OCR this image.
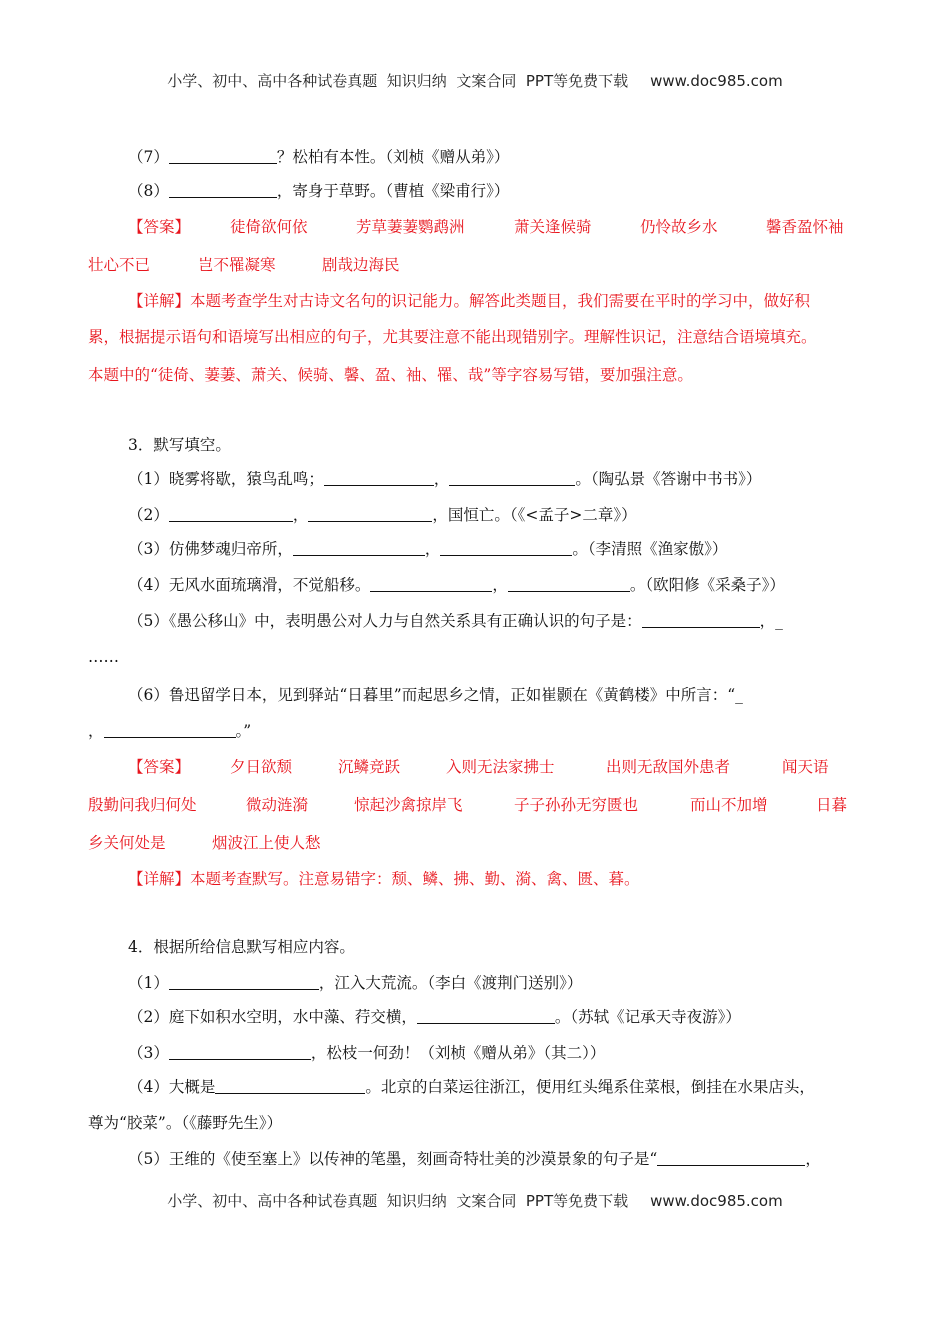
小学、初中、高中各种试卷真题  知识归纳  文案合同  PPT等免费下载 www.doc985.com
（7）	？松柏有本性。（刘桢《赠从弟》）
（8）	，寄身于草野。（曹植《梁甫行》）
【答案】	徒倚欲何依	芳草萋萋鹦鹉洲	萧关逢候骑	仍怜故乡水	馨香盈怀袖
壮心不已	岂不罹凝寒	剧哉边海民
【详解】本题考查学生对古诗文名句的识记能力。解答此类题目，我们需要在平时的学习中，做好积
累，根据提示语句和语境写出相应的句子，尤其要注意不能出现错别字。理解性识记，注意结合语境填充。
本题中的“徒倚、萋萋、萧关、候骑、馨、盈、袖、罹、哉”等字容易写错，要加强注意。
3．默写填空。
（1）晓雾将歇，猿鸟乱鸣；	，	。（陶弘景《答谢中书书》）
（2）	，	，国恒亡。（《<孟子>二章》）
（3）仿佛梦魂归帝所，	，	。（李清照《渔家傲》）
（4）无风水面琉璃滑，不觉船移。	，	。（欧阳修《采桑子》）
（5）《愚公移山》中，表明愚公对人力与自然关系具有正确认识的句子是：	，_
……
（6）鲁迅留学日本，见到驿站“日暮里”而起思乡之情，正如崔颢在《黄鹤楼》中所言：“_
，	。”
【答案】	夕日欲颓	沉鳞竞跃	入则无法家拂士	出则无敌国外患者	闻天语
殷勤问我归何处	微动涟漪	惊起沙禽掠岸飞	子子孙孙无穷匮也	而山不加增	日暮
乡关何处是	烟波江上使人愁
【详解】本题考查默写。注意易错字：颓、鳞、拂、勤、漪、禽、匮、暮。
4．根据所给信息默写相应内容。
（1）	，江入大荒流。（李白《渡荆门送别》）
（2）庭下如积水空明，水中藻、荇交横，	。（苏轼《记承天寺夜游》）
（3）	，松枝一何劲！（刘桢《赠从弟》（其二））
（4）大概是	。北京的白菜运往浙江，便用红头绳系住菜根，倒挂在水果店头，
尊为“胶菜”。（《藤野先生》）
（5）王维的《使至塞上》以传神的笔墨，刻画奇特壮美的沙漠景象的句子是“	，
小学、初中、高中各种试卷真题  知识归纳  文案合同  PPT等免费下载 www.doc985.com
